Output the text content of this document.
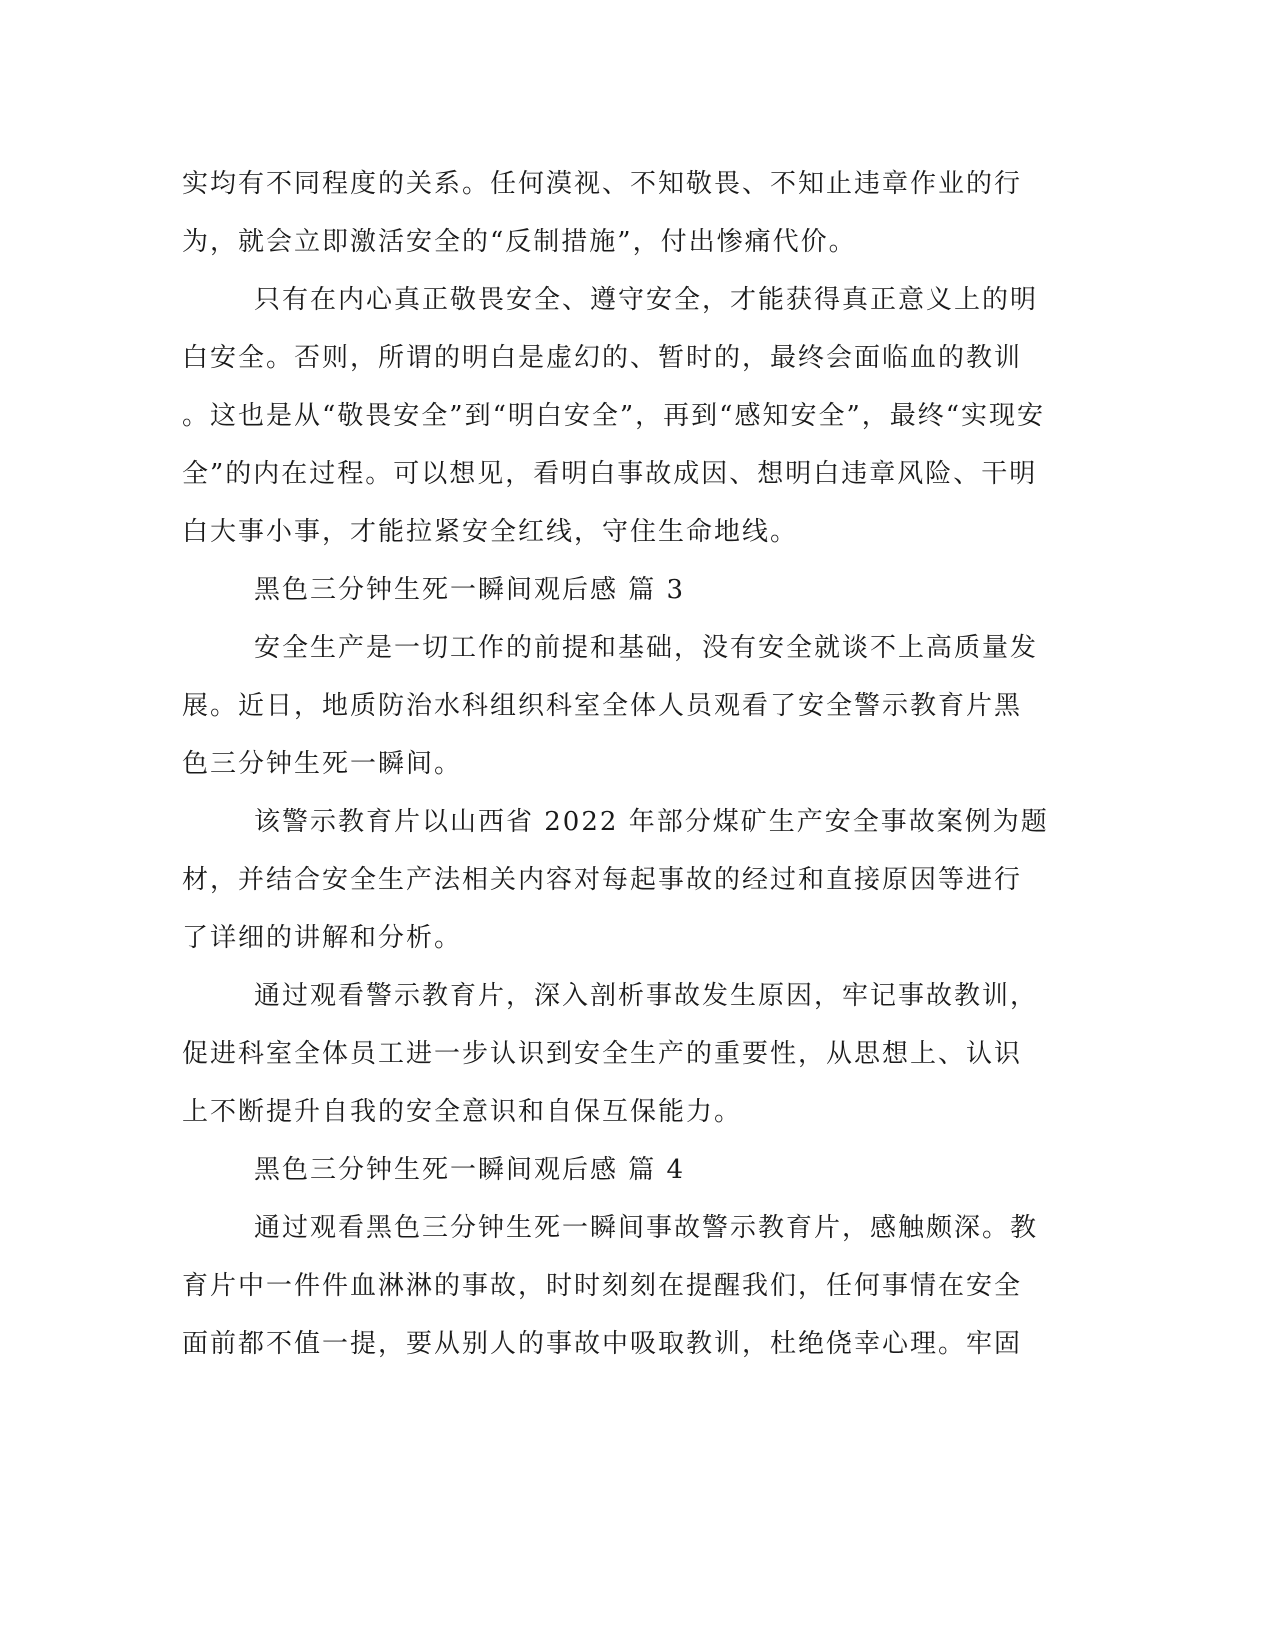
实均有不同程度的关系。任何漠视、不知敬畏、不知止违章作业的行
为，就会立即激活安全的“反制措施”，付出惨痛代价。
只有在内心真正敬畏安全、遵守安全，才能获得真正意义上的明
白安全。否则，所谓的明白是虚幻的、暂时的，最终会面临血的教训
。这也是从“敬畏安全”到“明白安全”，再到“感知安全”，最终“实现安
全”的内在过程。可以想见，看明白事故成因、想明白违章风险、干明
白大事小事，才能拉紧安全红线，守住生命地线。
黑色三分钟生死一瞬间观后感 篇 3
安全生产是一切工作的前提和基础，没有安全就谈不上高质量发
展。近日，地质防治水科组织科室全体人员观看了安全警示教育片黑
色三分钟生死一瞬间。
该警示教育片以山西省 2022 年部分煤矿生产安全事故案例为题
材，并结合安全生产法相关内容对每起事故的经过和直接原因等进行
了详细的讲解和分析。
通过观看警示教育片，深入剖析事故发生原因，牢记事故教训，
促进科室全体员工进一步认识到安全生产的重要性，从思想上、认识
上不断提升自我的安全意识和自保互保能力。
黑色三分钟生死一瞬间观后感 篇 4
通过观看黑色三分钟生死一瞬间事故警示教育片，感触颇深。教
育片中一件件血淋淋的事故，时时刻刻在提醒我们，任何事情在安全
面前都不值一提，要从别人的事故中吸取教训，杜绝侥幸心理。牢固
